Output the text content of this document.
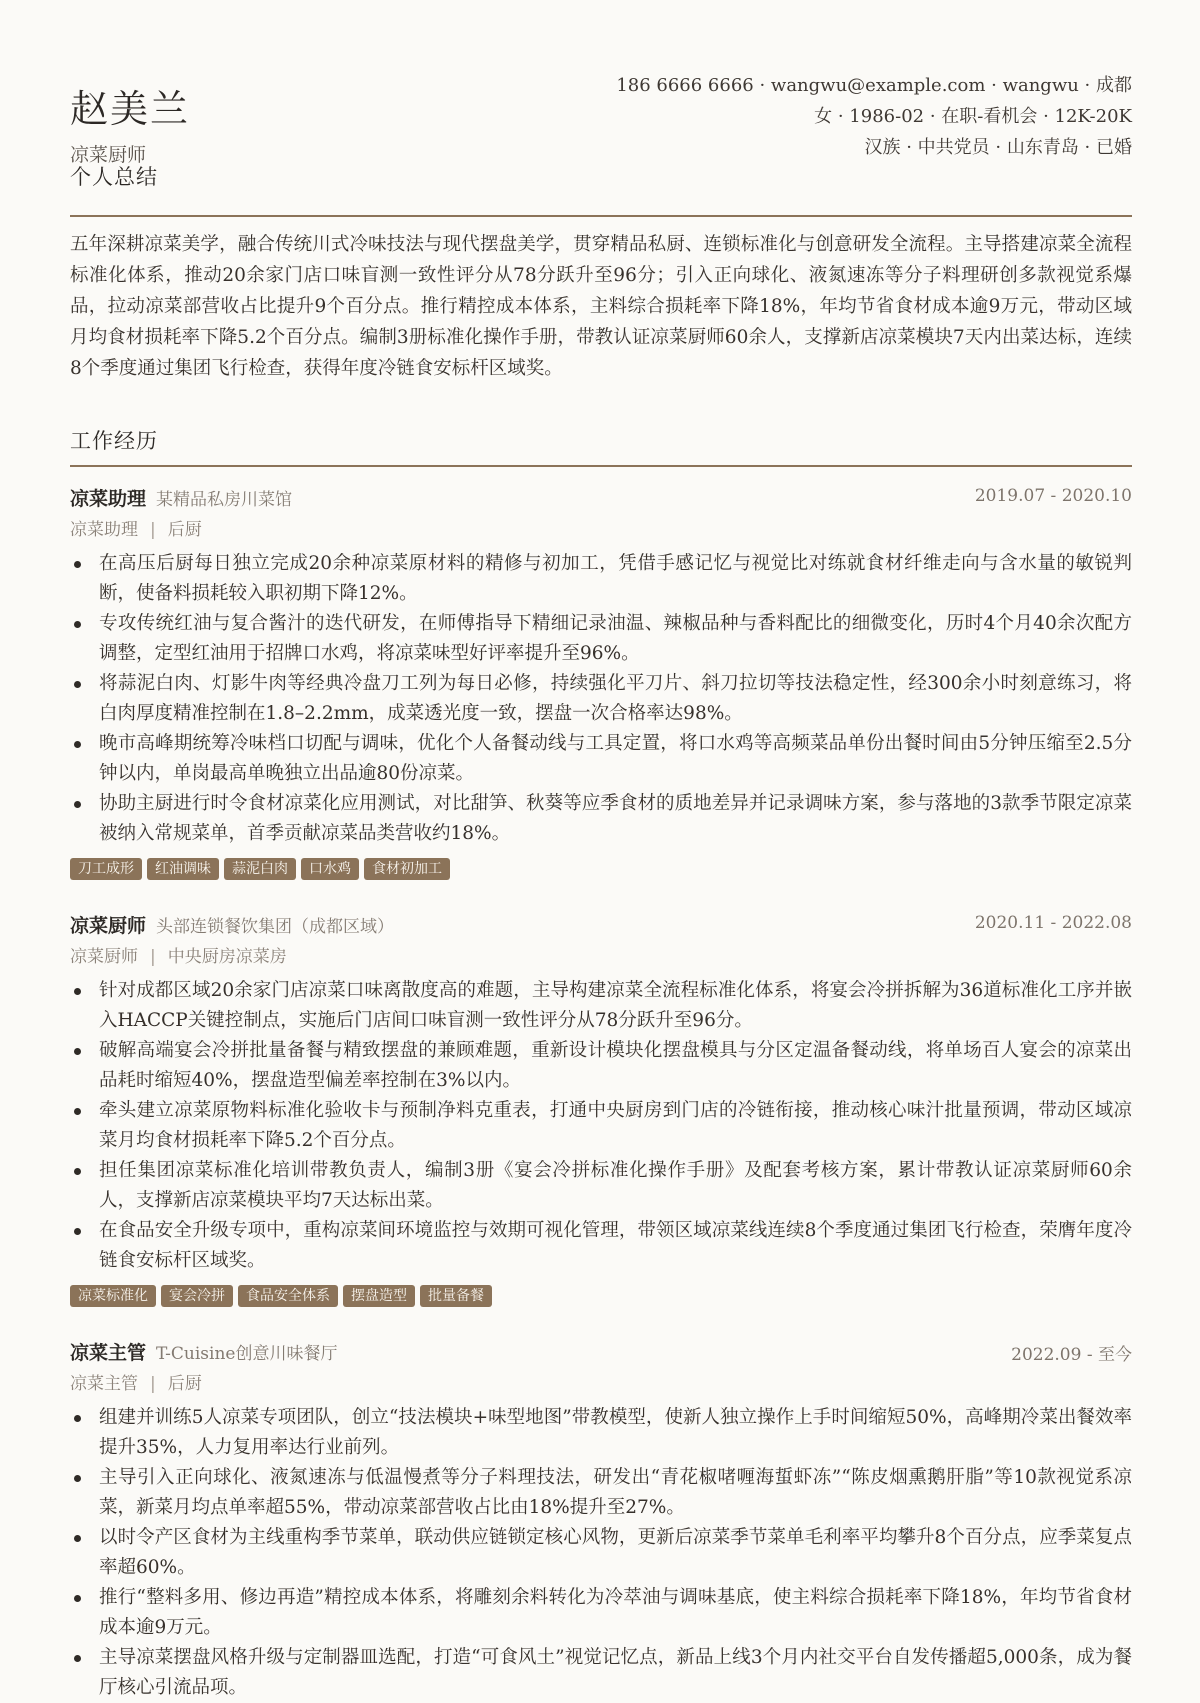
赵美兰
凉菜厨师
186 6666 6666 · wangwu@example.com · wangwu · 成都
女 · 1986-02 · 在职-看机会 · 12K-20K
汉族 · 中共党员 · 山东青岛 · 已婚
个人总结
五年深耕凉菜美学，融合传统川式冷味技法与现代摆盘美学，贯穿精品私厨、连锁标准化与创意研发全流程。主导搭建凉菜全流程标准化体系，推动20余家门店口味盲测一致性评分从78分跃升至96分；引入正向球化、液氮速冻等分子料理研创多款视觉系爆品，拉动凉菜部营收占比提升9个百分点。推行精控成本体系，主料综合损耗率下降18%，年均节省食材成本逾9万元，带动区域月均食材损耗率下降5.2个百分点。编制3册标准化操作手册，带教认证凉菜厨师60余人，支撑新店凉菜模块7天内出菜达标，连续8个季度通过集团飞行检查，获得年度冷链食安标杆区域奖。
工作经历
凉菜助理 某精品私房川菜馆	2019.07 - 2020.10
凉菜助理 | 后厨
在高压后厨每日独立完成20余种凉菜原材料的精修与初加工，凭借手感记忆与视觉比对练就食材纤维走向与含水量的敏锐判断，使备料损耗较入职初期下降12%。
专攻传统红油与复合酱汁的迭代研发，在师傅指导下精细记录油温、辣椒品种与香料配比的细微变化，历时4个月40余次配方调整，定型红油用于招牌口水鸡，将凉菜味型好评率提升至96%。
将蒜泥白肉、灯影牛肉等经典冷盘刀工列为每日必修，持续强化平刀片、斜刀拉切等技法稳定性，经300余小时刻意练习，将白肉厚度精准控制在1.8–2.2mm，成菜透光度一致，摆盘一次合格率达98%。
晚市高峰期统筹冷味档口切配与调味，优化个人备餐动线与工具定置，将口水鸡等高频菜品单份出餐时间由5分钟压缩至2.5分钟以内，单岗最高单晚独立出品逾80份凉菜。
协助主厨进行时令食材凉菜化应用测试，对比甜笋、秋葵等应季食材的质地差异并记录调味方案，参与落地的3款季节限定凉菜被纳入常规菜单，首季贡献凉菜品类营收约18%。
刀工成形 红油调味 蒜泥白肉 口水鸡 食材初加工
凉菜厨师 头部连锁餐饮集团（成都区域）	2020.11 - 2022.08
凉菜厨师 | 中央厨房凉菜房
针对成都区域20余家门店凉菜口味离散度高的难题，主导构建凉菜全流程标准化体系，将宴会冷拼拆解为36道标准化工序并嵌入HACCP关键控制点，实施后门店间口味盲测一致性评分从78分跃升至96分。
破解高端宴会冷拼批量备餐与精致摆盘的兼顾难题，重新设计模块化摆盘模具与分区定温备餐动线，将单场百人宴会的凉菜出品耗时缩短40%，摆盘造型偏差率控制在3%以内。
牵头建立凉菜原物料标准化验收卡与预制净料克重表，打通中央厨房到门店的冷链衔接，推动核心味汁批量预调，带动区域凉菜月均食材损耗率下降5.2个百分点。
担任集团凉菜标准化培训带教负责人，编制3册《宴会冷拼标准化操作手册》及配套考核方案，累计带教认证凉菜厨师60余人，支撑新店凉菜模块平均7天达标出菜。
在食品安全升级专项中，重构凉菜间环境监控与效期可视化管理，带领区域凉菜线连续8个季度通过集团飞行检查，荣膺年度冷链食安标杆区域奖。
凉菜标准化 宴会冷拼 食品安全体系 摆盘造型 批量备餐
凉菜主管 T-Cuisine创意川味餐厅	2022.09 - 至今
凉菜主管 | 后厨
组建并训练5人凉菜专项团队，创立“技法模块+味型地图”带教模型，使新人独立操作上手时间缩短50%，高峰期冷菜出餐效率提升35%，人力复用率达行业前列。
主导引入正向球化、液氮速冻与低温慢煮等分子料理技法，研发出“青花椒啫喱海蜇虾冻”“陈皮烟熏鹅肝脂”等10款视觉系凉菜，新菜月均点单率超55%，带动凉菜部营收占比由18%提升至27%。
以时令产区食材为主线重构季节菜单，联动供应链锁定核心风物，更新后凉菜季节菜单毛利率平均攀升8个百分点，应季菜复点率超60%。
推行“整料多用、修边再造”精控成本体系，将雕刻余料转化为冷萃油与调味基底，使主料综合损耗率下降18%，年均节省食材成本逾9万元。
主导凉菜摆盘风格升级与定制器皿选配，打造“可食风土”视觉记忆点，新品上线3个月内社交平台自发传播超5,000条，成为餐厅核心引流品项。
